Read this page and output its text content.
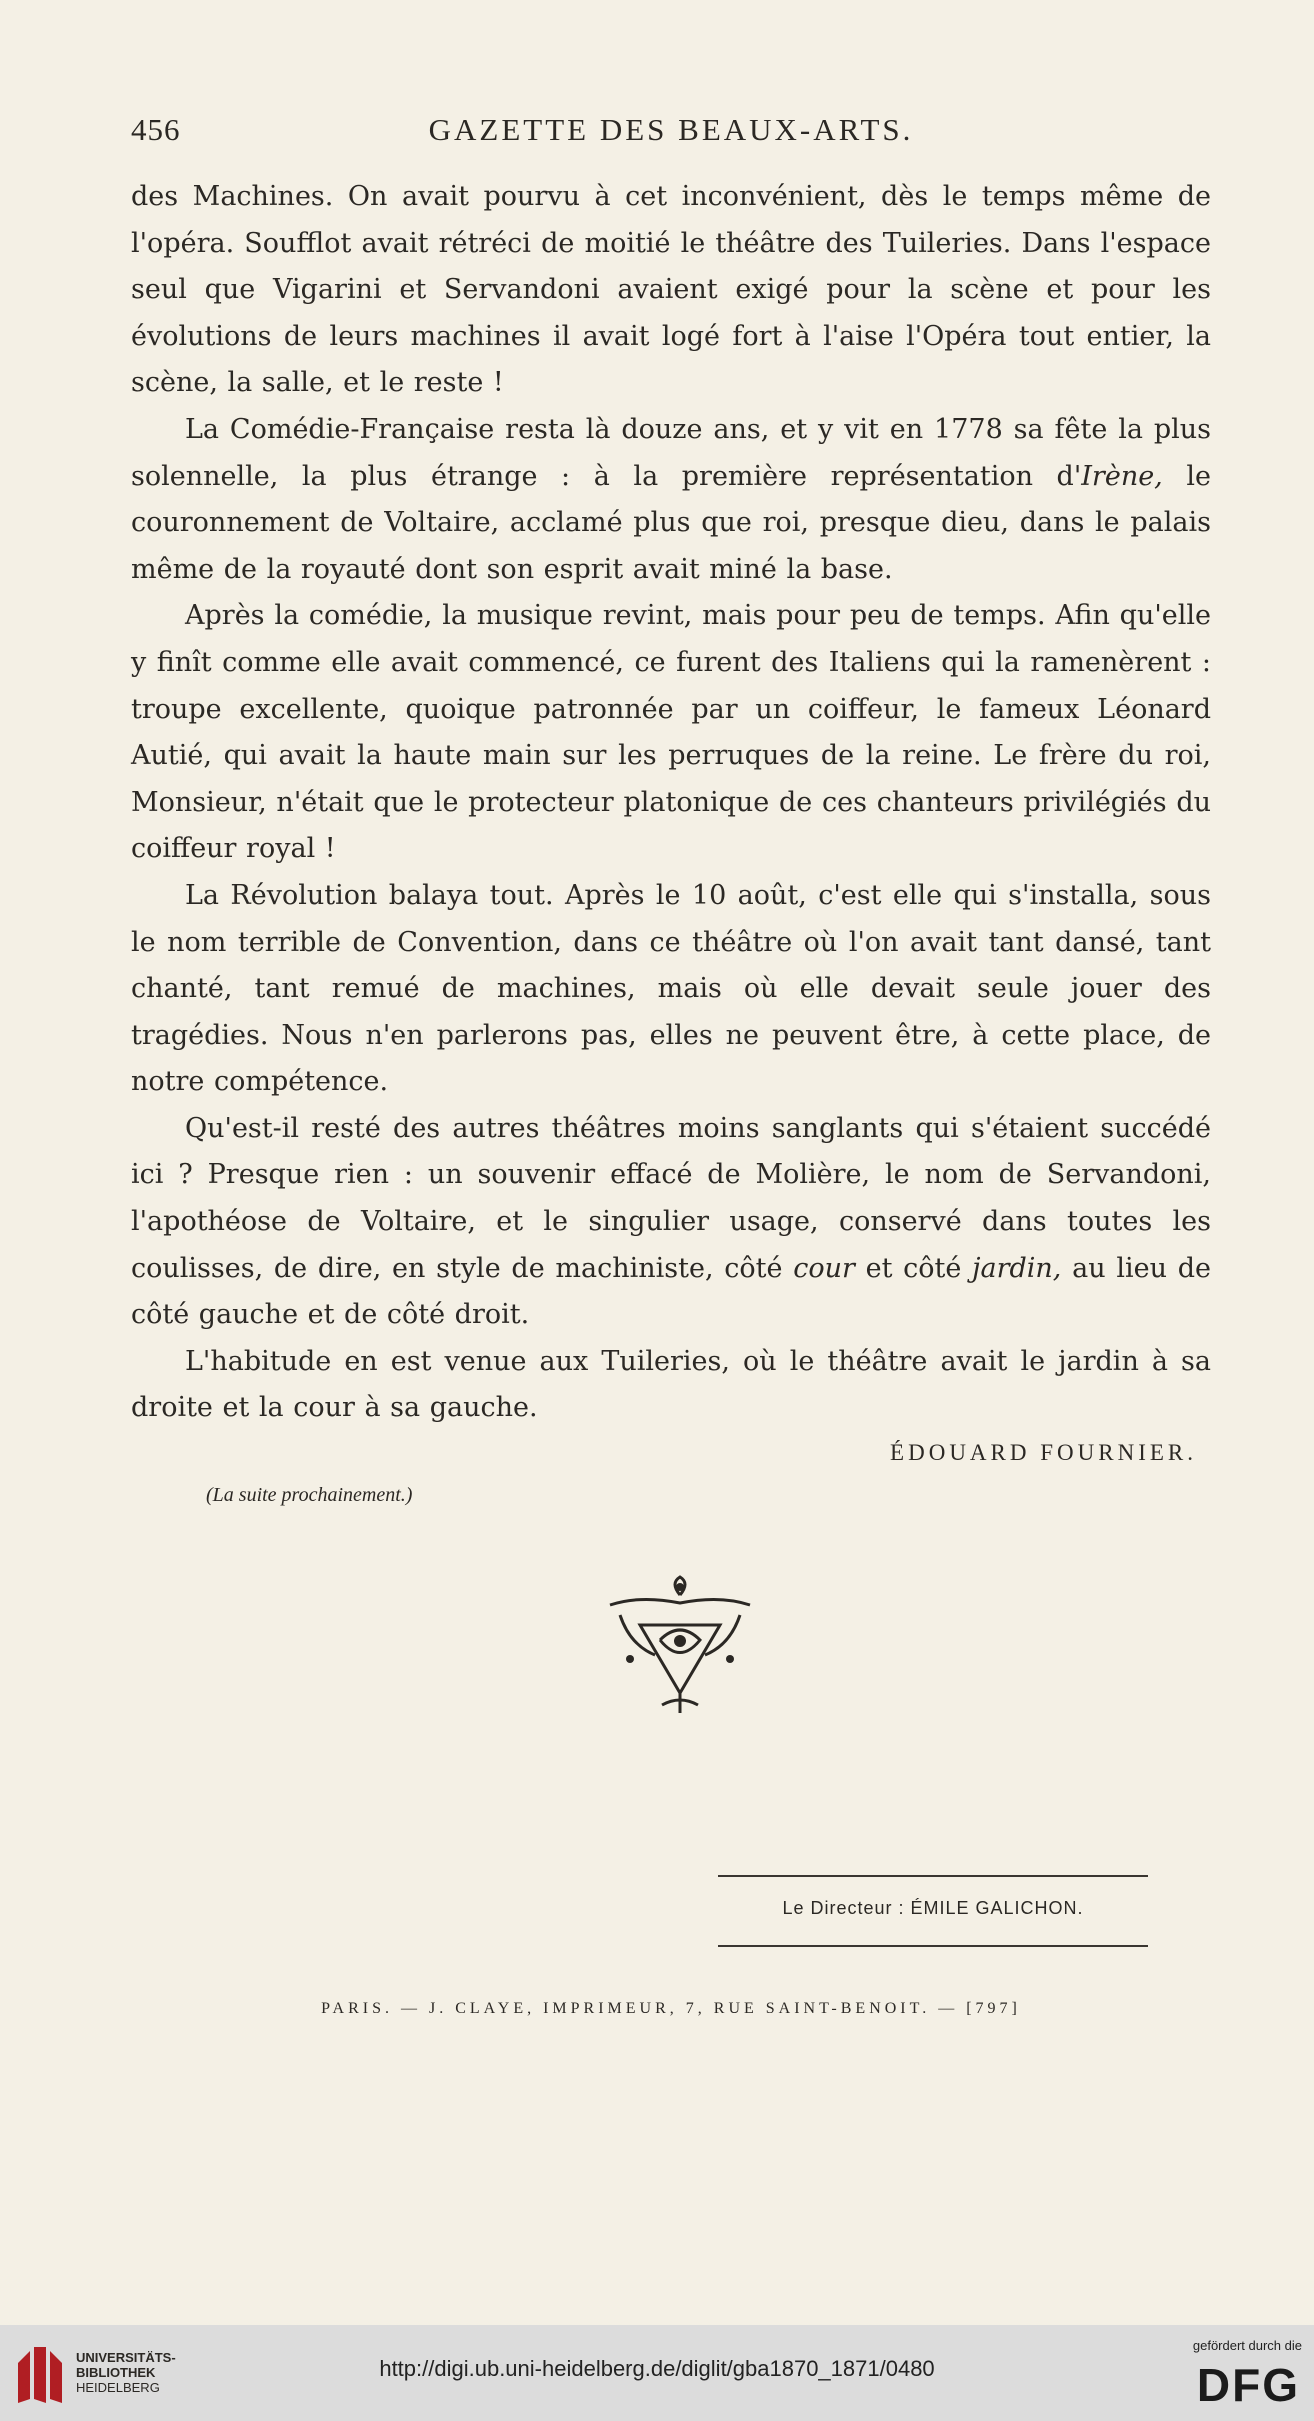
456	GAZETTE DES BEAUX-ARTS.

des Machines. On avait pourvu à cet inconvénient, dès le temps même de l'opéra. Soufflot avait rétréci de moitié le théâtre des Tuileries. Dans l'espace seul que Vigarini et Servandoni avaient exigé pour la scène et pour les évolutions de leurs machines il avait logé fort à l'aise l'Opéra tout entier, la scène, la salle, et le reste !

La Comédie-Française resta là douze ans, et y vit en 1778 sa fête la plus solennelle, la plus étrange : à la première représentation d'Irène, le couronnement de Voltaire, acclamé plus que roi, presque dieu, dans le palais même de la royauté dont son esprit avait miné la base.

Après la comédie, la musique revint, mais pour peu de temps. Afin qu'elle y finît comme elle avait commencé, ce furent des Italiens qui la ramenèrent : troupe excellente, quoique patronnée par un coiffeur, le fameux Léonard Autié, qui avait la haute main sur les perruques de la reine. Le frère du roi, Monsieur, n'était que le protecteur platonique de ces chanteurs privilégiés du coiffeur royal !

La Révolution balaya tout. Après le 10 août, c'est elle qui s'installa, sous le nom terrible de Convention, dans ce théâtre où l'on avait tant dansé, tant chanté, tant remué de machines, mais où elle devait seule jouer des tragédies. Nous n'en parlerons pas, elles ne peuvent être, à cette place, de notre compétence.

Qu'est-il resté des autres théâtres moins sanglants qui s'étaient succédé ici ? Presque rien : un souvenir effacé de Molière, le nom de Servandoni, l'apothéose de Voltaire, et le singulier usage, conservé dans toutes les coulisses, de dire, en style de machiniste, côté cour et côté jardin, au lieu de côté gauche et de côté droit.

L'habitude en est venue aux Tuileries, où le théâtre avait le jardin à sa droite et la cour à sa gauche.

ÉDOUARD FOURNIER.
(La suite prochainement.)
Le Directeur : ÉMILE GALICHON.
PARIS. — J. CLAYE, IMPRIMEUR, 7, RUE SAINT-BENOIT. — [797]
UNIVERSITÄTS-
BIBLIOTHEK
HEIDELBERG
http://digi.ub.uni-heidelberg.de/diglit/gba1870_1871/0480
gefördert durch die
DFG
